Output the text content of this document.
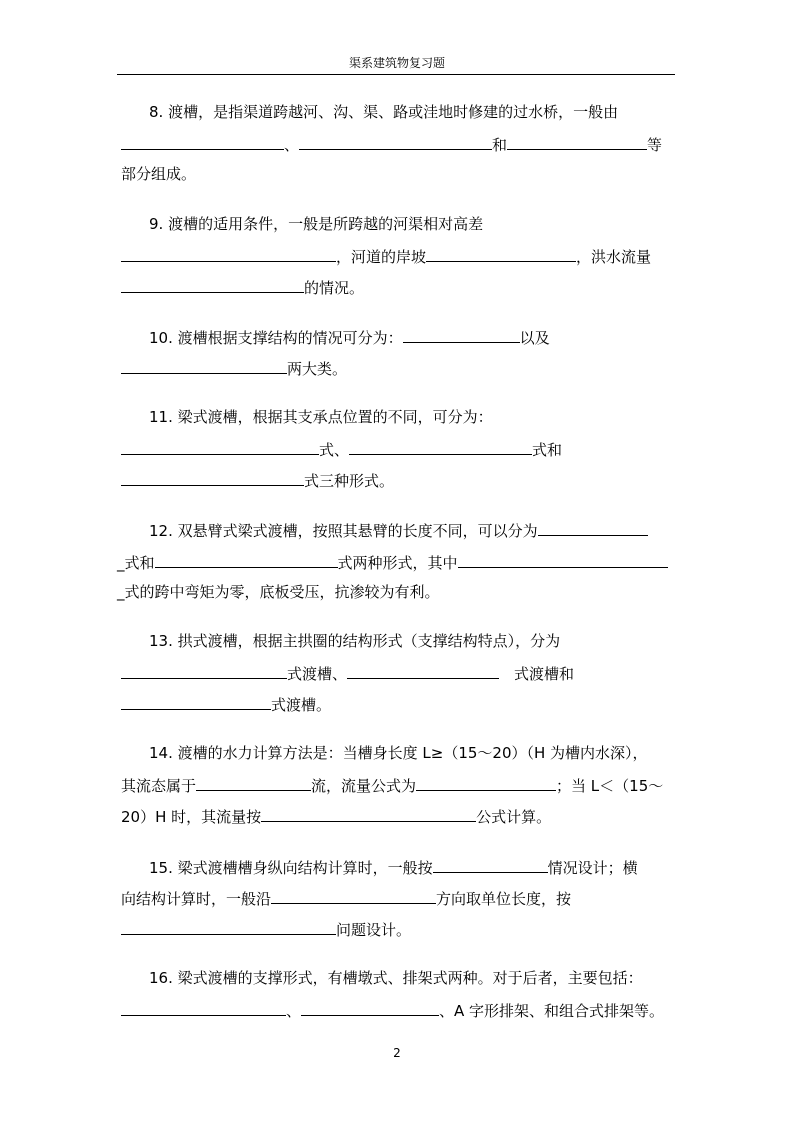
渠系建筑物复习题
8. 渡槽，是指渠道跨越河、沟、渠、路或洼地时修建的过水桥，一般由
、	和	等
部分组成。
9. 渡槽的适用条件，一般是所跨越的河渠相对高差
，河道的岸坡	，洪水流量
的情况。
10. 渡槽根据支撑结构的情况可分为：	以及
两大类。
11. 梁式渡槽，根据其支承点位置的不同，可分为：
式、	式和
式三种形式。
12. 双悬臂式梁式渡槽，按照其悬臂的长度不同，可以分为
_式和	式两种形式，其中
_式的跨中弯矩为零，底板受压，抗渗较为有利。
13. 拱式渡槽，根据主拱圈的结构形式（支撑结构特点），分为
式渡槽、	式渡槽和
式渡槽。
14. 渡槽的水力计算方法是：当槽身长度 L≥（15～20）（H 为槽内水深），
其流态属于	流，流量公式为	；当 L＜（15～
20）H 时，其流量按	公式计算。
15. 梁式渡槽槽身纵向结构计算时，一般按	情况设计；横
向结构计算时，一般沿	方向取单位长度，按
问题设计。
16. 梁式渡槽的支撑形式，有槽墩式、排架式两种。对于后者，主要包括：
、	、A 字形排架、和组合式排架等。
2
